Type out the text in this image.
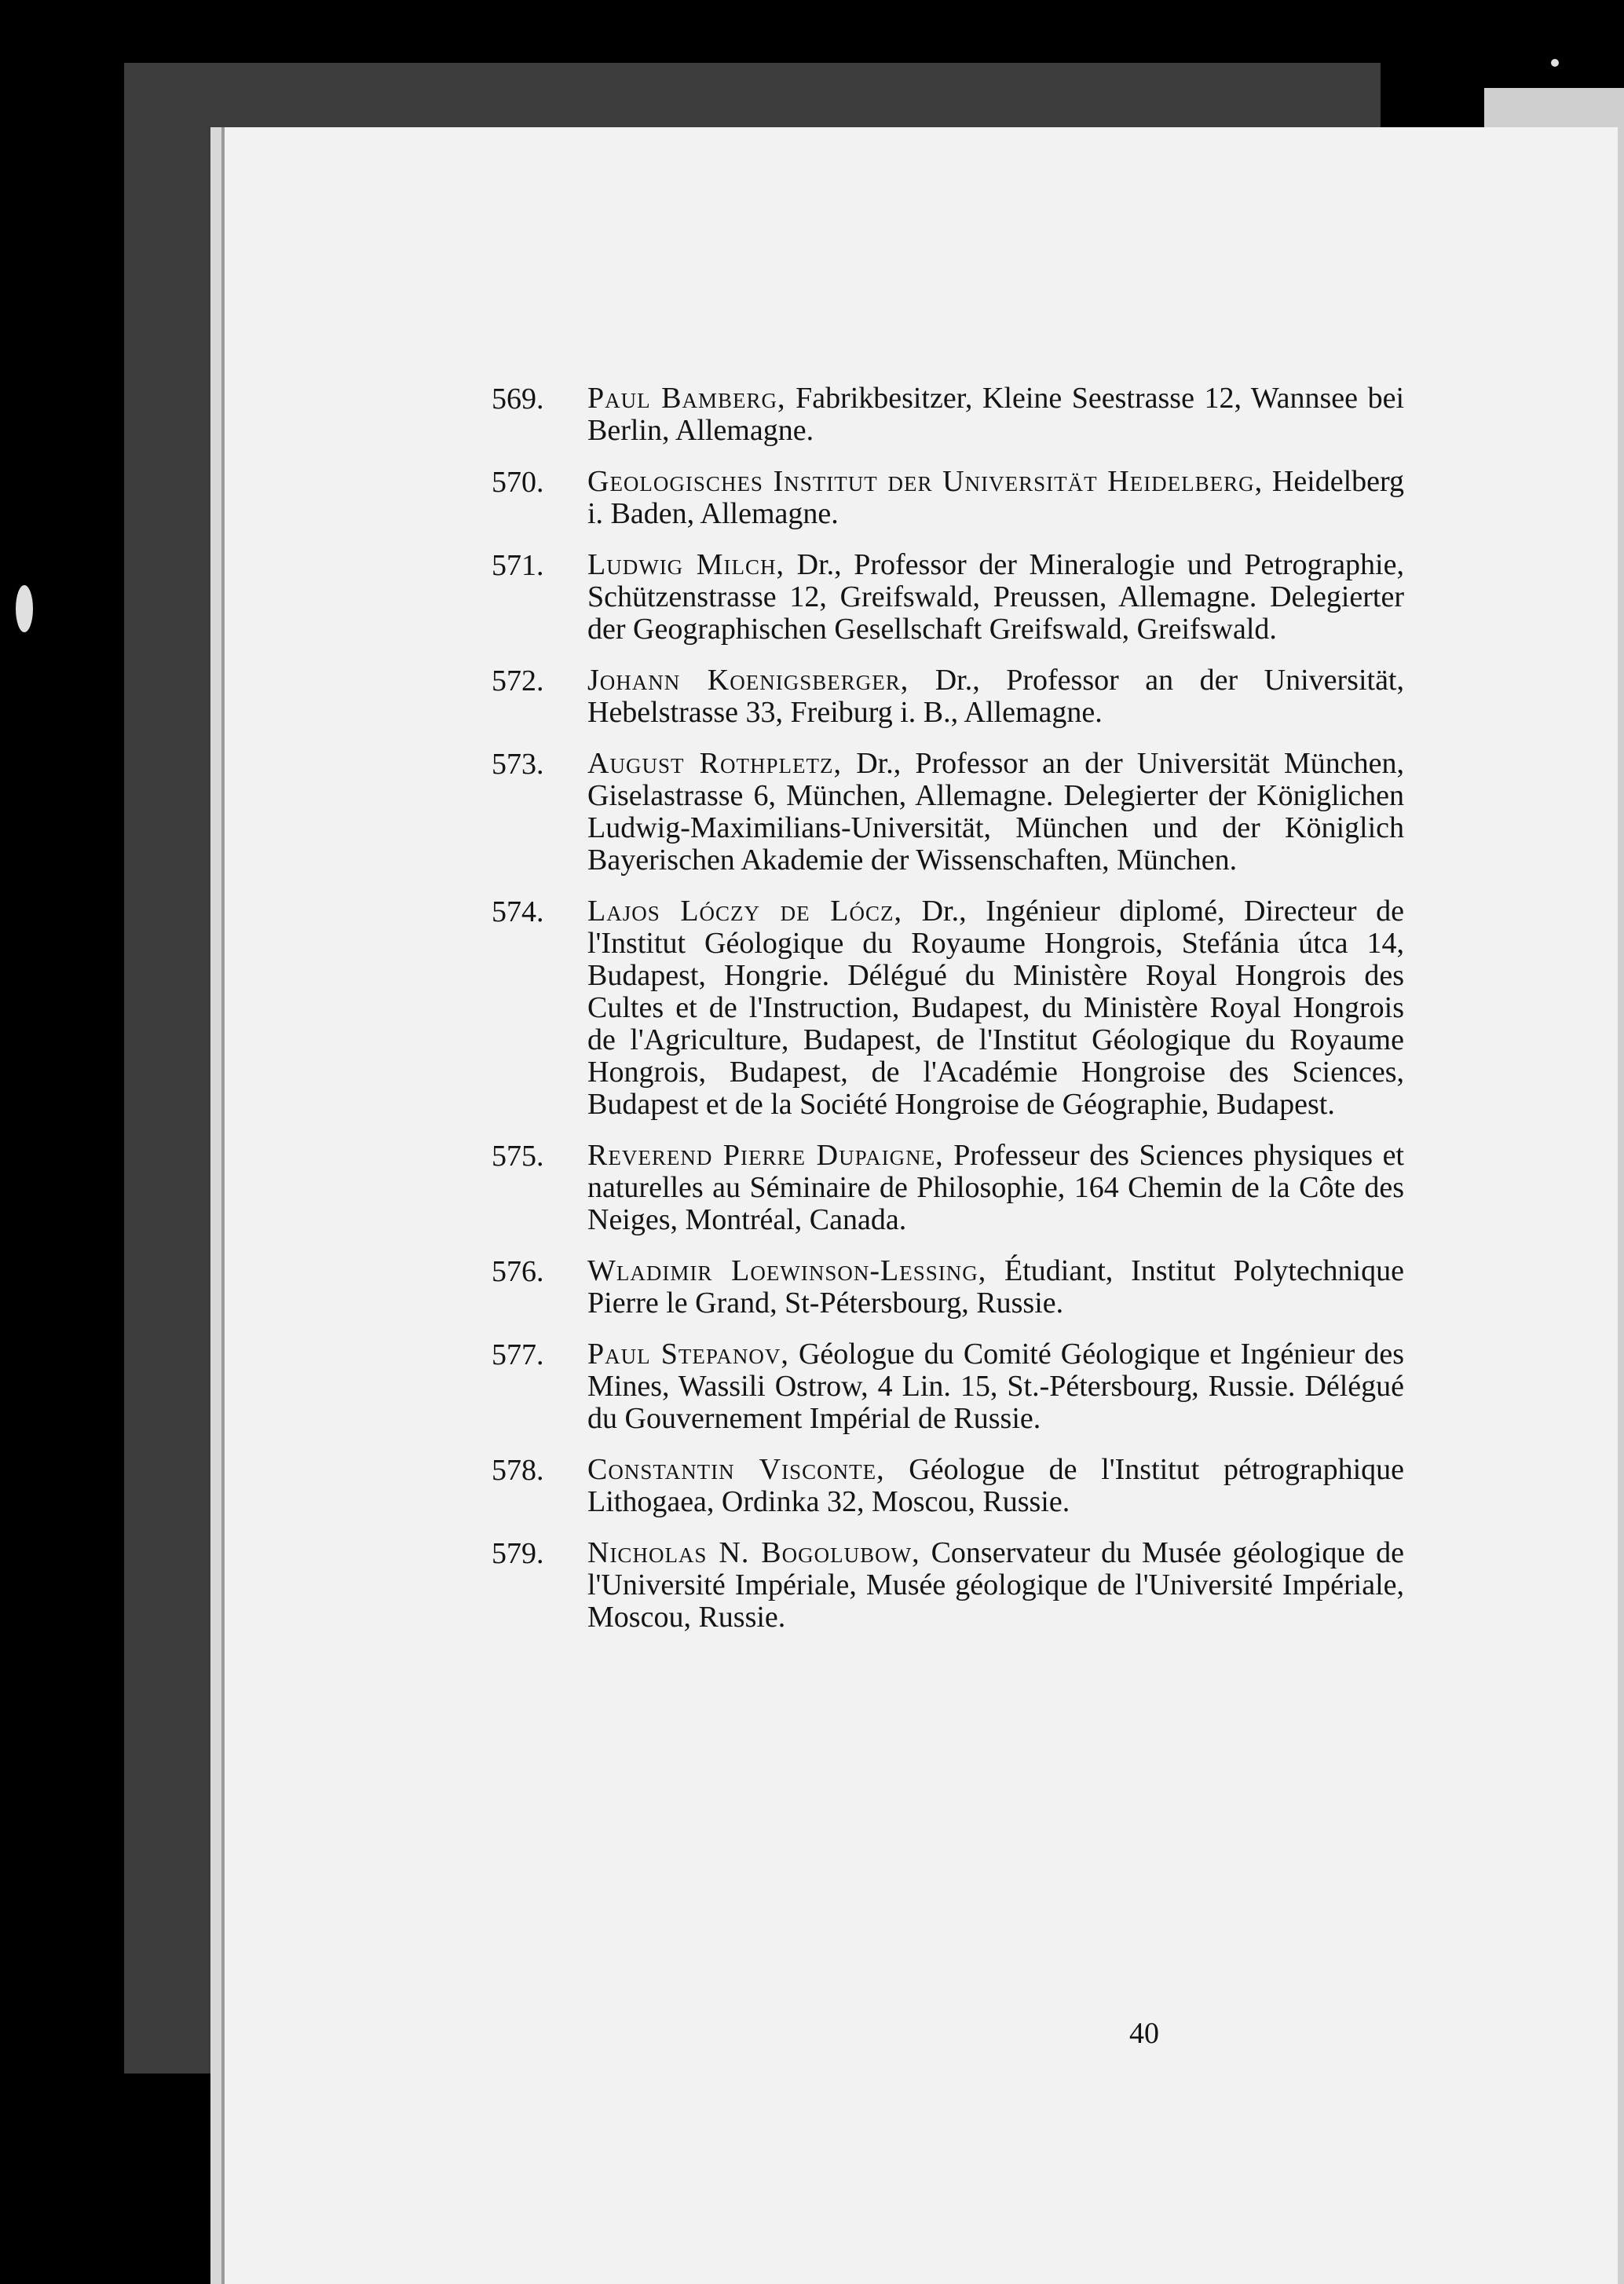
569.	Paul Bamberg, Fabrikbesitzer, Kleine Seestrasse 12, Wannsee bei Berlin, Allemagne.
570.	Geologisches Institut der Universität Heidelberg, Heidelberg i. Baden, Allemagne.
571.	Ludwig Milch, Dr., Professor der Mineralogie und Petrographie, Schützenstrasse 12, Greifswald, Preussen, Allemagne. Delegierter der Geographischen Gesellschaft Greifswald, Greifswald.
572.	Johann Koenigsberger, Dr., Professor an der Universität, Hebelstrasse 33, Freiburg i. B., Allemagne.
573.	August Rothpletz, Dr., Professor an der Universität München, Giselastrasse 6, München, Allemagne. Delegierter der Königlichen Ludwig-Maximilians-Universität, München und der Königlich Bayerischen Akademie der Wissenschaften, München.
574.	Lajos Lóczy de Lócz, Dr., Ingénieur diplomé, Directeur de l'Institut Géologique du Royaume Hongrois, Stefánia útca 14, Budapest, Hongrie. Délégué du Ministère Royal Hongrois des Cultes et de l'Instruction, Budapest, du Ministère Royal Hongrois de l'Agriculture, Budapest, de l'Institut Géologique du Royaume Hongrois, Budapest, de l'Académie Hongroise des Sciences, Budapest et de la Société Hongroise de Géographie, Budapest.
575.	Reverend Pierre Dupaigne, Professeur des Sciences physiques et naturelles au Séminaire de Philosophie, 164 Chemin de la Côte des Neiges, Montréal, Canada.
576.	Wladimir Loewinson-Lessing, Étudiant, Institut Polytechnique Pierre le Grand, St-Pétersbourg, Russie.
577.	Paul Stepanov, Géologue du Comité Géologique et Ingénieur des Mines, Wassili Ostrow, 4 Lin. 15, St.-Pétersbourg, Russie. Délégué du Gouvernement Impérial de Russie.
578.	Constantin Visconte, Géologue de l'Institut pétrographique Lithogaea, Ordinka 32, Moscou, Russie.
579.	Nicholas N. Bogolubow, Conservateur du Musée géologique de l'Université Impériale, Musée géologique de l'Université Impériale, Moscou, Russie.
40
